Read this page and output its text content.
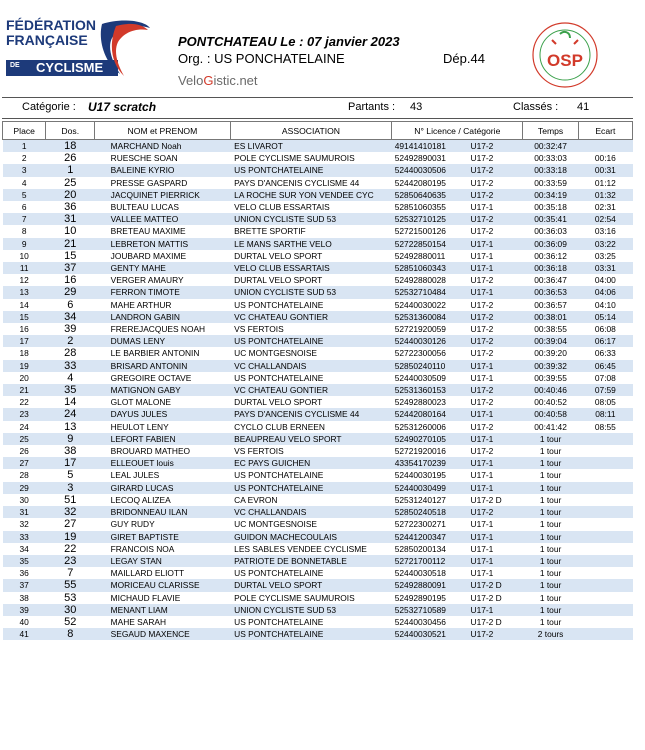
FÉDÉRATION
FRANÇAISE
DE CYCLISME
PONTCHATEAU Le : 07 janvier 2023
Org. : US PONCHATELAINE	Dép.44
VeloGistic.net
OSP
Catégorie : U17 scratch	Partants : 43	Classés : 41
Place	Dos.	NOM et PRENOM	ASSOCIATION	N° Licence / Catégorie		Temps	Ecart
1	18	MARCHAND Noah	ES LIVAROT	49141410181	U17-2	00:32:47	
2	26	RUESCHE SOAN	POLE CYCLISME SAUMUROIS	52492890031	U17-2	00:33:03	00:16
3	1	BALEINE KYRIO	US PONTCHATELAINE	52440030506	U17-2	00:33:18	00:31
4	25	PRESSE GASPARD	PAYS D'ANCENIS CYCLISME 44	52442080195	U17-2	00:33:59	01:12
5	20	JACQUINET PIERRICK	LA ROCHE SUR YON VENDEE CYC	52850640635	U17-2	00:34:19	01:32
6	36	BULTEAU LUCAS	VELO CLUB ESSARTAIS	52851060355	U17-1	00:35:18	02:31
7	31	VALLEE MATTEO	UNION CYCLISTE SUD 53	52532710125	U17-2	00:35:41	02:54
8	10	BRETEAU MAXIME	BRETTE SPORTIF	52721500126	U17-2	00:36:03	03:16
9	21	LEBRETON MATTIS	LE MANS SARTHE VELO	52722850154	U17-1	00:36:09	03:22
10	15	JOUBARD MAXIME	DURTAL VELO SPORT	52492880011	U17-1	00:36:12	03:25
11	37	GENTY MAHE	VELO CLUB ESSARTAIS	52851060343	U17-1	00:36:18	03:31
12	16	VERGER AMAURY	DURTAL VELO SPORT	52492880028	U17-2	00:36:47	04:00
13	29	FERRON TIMOTE	UNION CYCLISTE SUD 53	52532710484	U17-1	00:36:53	04:06
14	6	MAHE ARTHUR	US PONTCHATELAINE	52440030022	U17-2	00:36:57	04:10
15	34	LANDRON GABIN	VC CHATEAU GONTIER	52531360084	U17-2	00:38:01	05:14
16	39	FREREJACQUES NOAH	VS FERTOIS	52721920059	U17-2	00:38:55	06:08
17	2	DUMAS LENY	US PONTCHATELAINE	52440030126	U17-2	00:39:04	06:17
18	28	LE BARBIER ANTONIN	UC MONTGESNOISE	52722300056	U17-2	00:39:20	06:33
19	33	BRISARD ANTONIN	VC CHALLANDAIS	52850240110	U17-1	00:39:32	06:45
20	4	GREGOIRE OCTAVE	US PONTCHATELAINE	52440030509	U17-1	00:39:55	07:08
21	35	MATIGNON GABY	VC CHATEAU GONTIER	52531360153	U17-2	00:40:46	07:59
22	14	GLOT MALONE	DURTAL VELO SPORT	52492880023	U17-2	00:40:52	08:05
23	24	DAYUS JULES	PAYS D'ANCENIS CYCLISME 44	52442080164	U17-1	00:40:58	08:11
24	13	HEULOT LENY	CYCLO CLUB ERNEEN	52531260006	U17-2	00:41:42	08:55
25	9	LEFORT FABIEN	BEAUPREAU VELO SPORT	52490270105	U17-1	1 tour	
26	38	BROUARD MATHEO	VS FERTOIS	52721920016	U17-2	1 tour	
27	17	ELLEOUET louis	EC PAYS GUICHEN	43354170239	U17-1	1 tour	
28	5	LEAL JULES	US PONTCHATELAINE	52440030195	U17-1	1 tour	
29	3	GIRARD LUCAS	US PONTCHATELAINE	52440030499	U17-1	1 tour	
30	51	LECOQ ALIZEA	CA EVRON	52531240127	U17-2 D	1 tour	
31	32	BRIDONNEAU ILAN	VC CHALLANDAIS	52850240518	U17-2	1 tour	
32	27	GUY RUDY	UC MONTGESNOISE	52722300271	U17-1	1 tour	
33	19	GIRET BAPTISTE	GUIDON MACHECOULAIS	52441200347	U17-1	1 tour	
34	22	FRANCOIS NOA	LES SABLES VENDEE CYCLISME	52850200134	U17-1	1 tour	
35	23	LEGAY STAN	PATRIOTE DE BONNETABLE	52721700112	U17-1	1 tour	
36	7	MAILLARD ELIOTT	US PONTCHATELAINE	52440030518	U17-1	1 tour	
37	55	MORICEAU CLARISSE	DURTAL VELO SPORT	52492880091	U17-2 D	1 tour	
38	53	MICHAUD FLAVIE	POLE CYCLISME SAUMUROIS	52492890195	U17-2 D	1 tour	
39	30	MENANT LIAM	UNION CYCLISTE SUD 53	52532710589	U17-1	1 tour	
40	52	MAHE SARAH	US PONTCHATELAINE	52440030456	U17-2 D	1 tour	
41	8	SEGAUD MAXENCE	US PONTCHATELAINE	52440030521	U17-2	2 tours	
